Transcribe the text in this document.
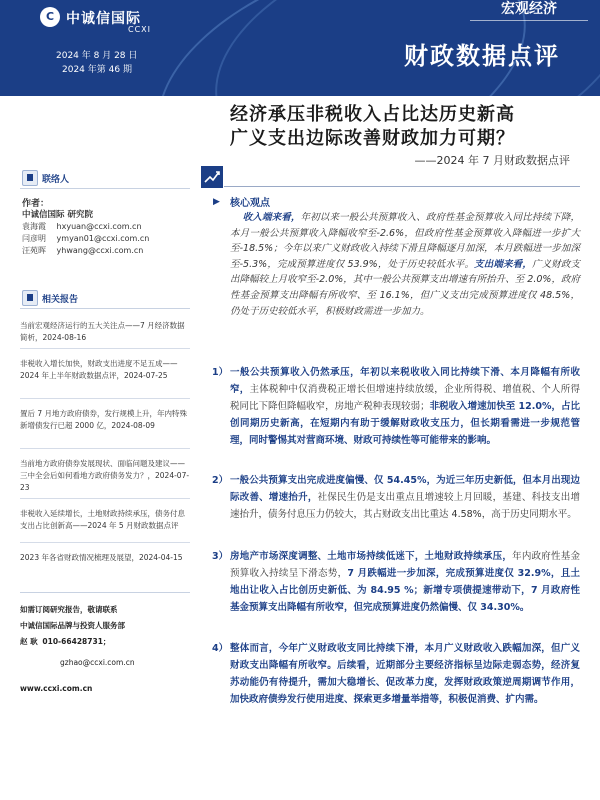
C 中诚信国际
CCXI
2024 年 8 月 28 日
2024 年第 46 期
宏观经济
财政数据点评
联络人
作者：
中诚信国际 研究院
袁海霞 hxyuan@ccxi.com.cn
闫彦明 ymyan01@ccxi.com.cn
汪苑晖 yhwang@ccxi.com.cn
相关报告
当前宏观经济运行的五大关注点——7 月经济数据简析，2024-08-16
非税收入增长加快，财政支出进度不足五成——2024 年上半年财政数据点评，2024-07-25
置后 7 月地方政府债券，发行规模上升，年内特殊新增债发行已超 2000 亿，2024-08-09
当前地方政府债券发展现状、面临问题及建议——三中全会后如何看地方政府债务发力？，2024-07-23
非税收入延续增长，土地财政持续承压，债务付息支出占比创新高——2024 年 5 月财政数据点评
2023 年各省财政情况梳理及展望，2024-04-15
如需订阅研究报告，敬请联系
中诚信国际品牌与投资人服务部
赵 耿 010-66428731；
gzhao@ccxi.com.cn
www.ccxi.com.cn
经济承压非税收入占比达历史新高
广义支出边际改善财政加力可期？
——2024 年 7 月财政数据点评
▶ 核心观点
收入端来看，年初以来一般公共预算收入、政府性基金预算收入同比持续下降，本月一般公共预算收入降幅收窄至-2.6%，但政府性基金预算收入降幅进一步扩大至-18.5%；今年以来广义财政收入持续下滑且降幅逐月加深，本月跌幅进一步加深至-5.3%，完成预算进度仅 53.9%，处于历史较低水平。支出端来看，广义财政支出降幅较上月收窄至-2.0%，其中一般公共预算支出增速有所抬升、至 2.0%，政府性基金预算支出降幅有所收窄、至 16.1%，但广义支出完成预算进度仅 48.5%，仍处于历史较低水平，积极财政需进一步加力。
1） 一般公共预算收入仍然承压，年初以来税收收入同比持续下滑、本月降幅有所收窄，主体税种中仅消费税正增长但增速持续放缓，企业所得税、增值税、个人所得税同比下降但降幅收窄，房地产税种表现较弱；非税收入增速加快至 12.0%，占比创同期历史新高，在短期内有助于缓解财政收支压力，但长期看需进一步规范管理，同时警惕其对营商环境、财政可持续性等可能带来的影响。
2） 一般公共预算支出完成进度偏慢、仅 54.45%，为近三年历史新低，但本月出现边际改善、增速抬升，社保民生仍是支出重点且增速较上月回暖，基建、科技支出增速抬升，债务付息压力仍较大，其占财政支出比重达 4.58%，高于历史同期水平。
3） 房地产市场深度调整、土地市场持续低迷下，土地财政持续承压，年内政府性基金预算收入持续呈下滑态势，7 月跌幅进一步加深，完成预算进度仅 32.9%，且土地出让收入占比创历史新低、为 84.95 %；新增专项债提速带动下，7 月政府性基金预算支出降幅有所收窄，但完成预算进度仍然偏慢、仅 34.30%。
4） 整体而言，今年广义财政收支同比持续下滑，本月广义财政收入跌幅加深，但广义财政支出降幅有所收窄。后续看，近期部分主要经济指标呈边际走弱态势，经济复苏动能仍有待提升，需加大稳增长、促改革力度，发挥财政政策逆周期调节作用，加快政府债券发行使用进度、探索更多增量举措等，积极促消费、扩内需。
